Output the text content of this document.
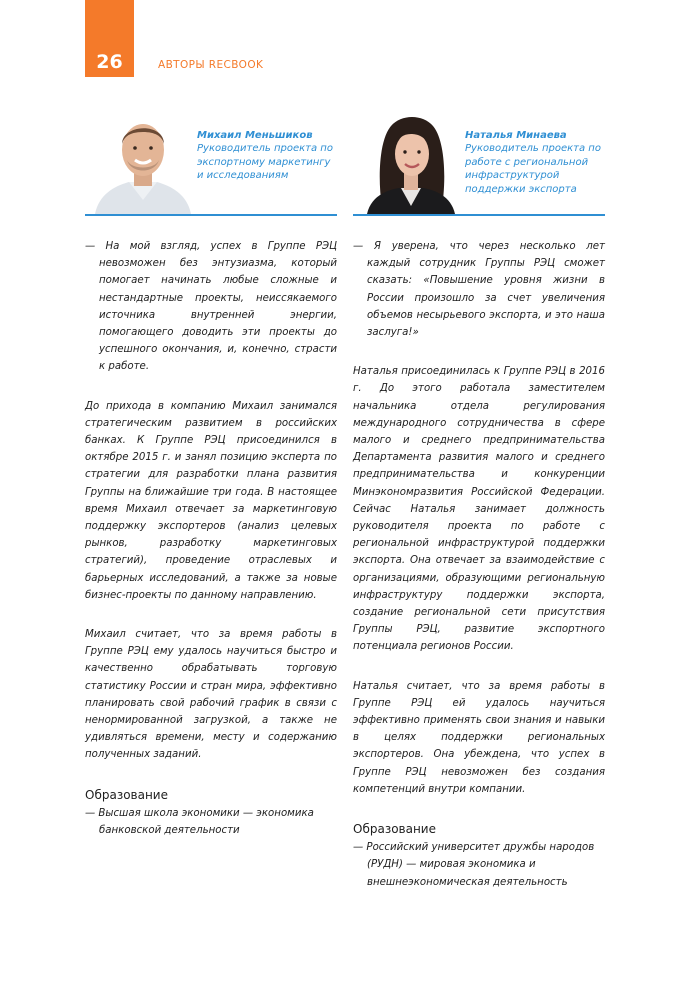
26	АВТОРЫ RECBOOK
Михаил Меньшиков
Руководитель проекта по экспортному маркетингу и исследованиям

— На мой взгляд, успех в Группе РЭЦ невозможен без энтузиазма, который помогает начинать любые сложные и нестандартные проекты, неиссякаемого источника внутренней энергии, помогающего доводить эти проекты до успешного окончания, и, конечно, страсти к работе.

До прихода в компанию Михаил занимался стратегическим развитием в российских банках. К Группе РЭЦ присоединился в октябре 2015 г. и занял позицию эксперта по стратегии для разработки плана развития Группы на ближайшие три года. В настоящее время Михаил отвечает за маркетинговую поддержку экспортеров (анализ целевых рынков, разработку маркетинговых стратегий), проведение отраслевых и барьерных исследований, а также за новые бизнес-проекты по данному направлению.

Михаил считает, что за время работы в Группе РЭЦ ему удалось научиться быстро и качественно обрабатывать торговую статистику России и стран мира, эффективно планировать свой рабочий график в связи с ненормированной загрузкой, а также не удивляться времени, месту и содержанию полученных заданий.

Образование

— Высшая школа экономики — экономика банковской деятельности

Наталья Минаева
Руководитель проекта по работе с региональной инфраструктурой поддержки экспорта

— Я уверена, что через несколько лет каждый сотрудник Группы РЭЦ сможет сказать: «Повышение уровня жизни в России произошло за счет увеличения объемов несырьевого экспорта, и это наша заслуга!»

Наталья присоединилась к Группе РЭЦ в 2016 г. До этого работала заместителем начальника отдела регулирования международного сотрудничества в сфере малого и среднего предпринимательства Департамента развития малого и среднего предпринимательства и конкуренции Минэкономразвития Российской Федерации. Сейчас Наталья занимает должность руководителя проекта по работе с региональной инфраструктурой поддержки экспорта. Она отвечает за взаимодействие с организациями, образующими региональную инфраструктуру поддержки экспорта, создание региональной сети присутствия Группы РЭЦ, развитие экспортного потенциала регионов России.

Наталья считает, что за время работы в Группе РЭЦ ей удалось научиться эффективно применять свои знания и навыки в целях поддержки региональных экспортеров. Она убеждена, что успех в Группе РЭЦ невозможен без создания компетенций внутри компании.

Образование

— Российский университет дружбы народов (РУДН) — мировая экономика и внешнеэкономическая деятельность
